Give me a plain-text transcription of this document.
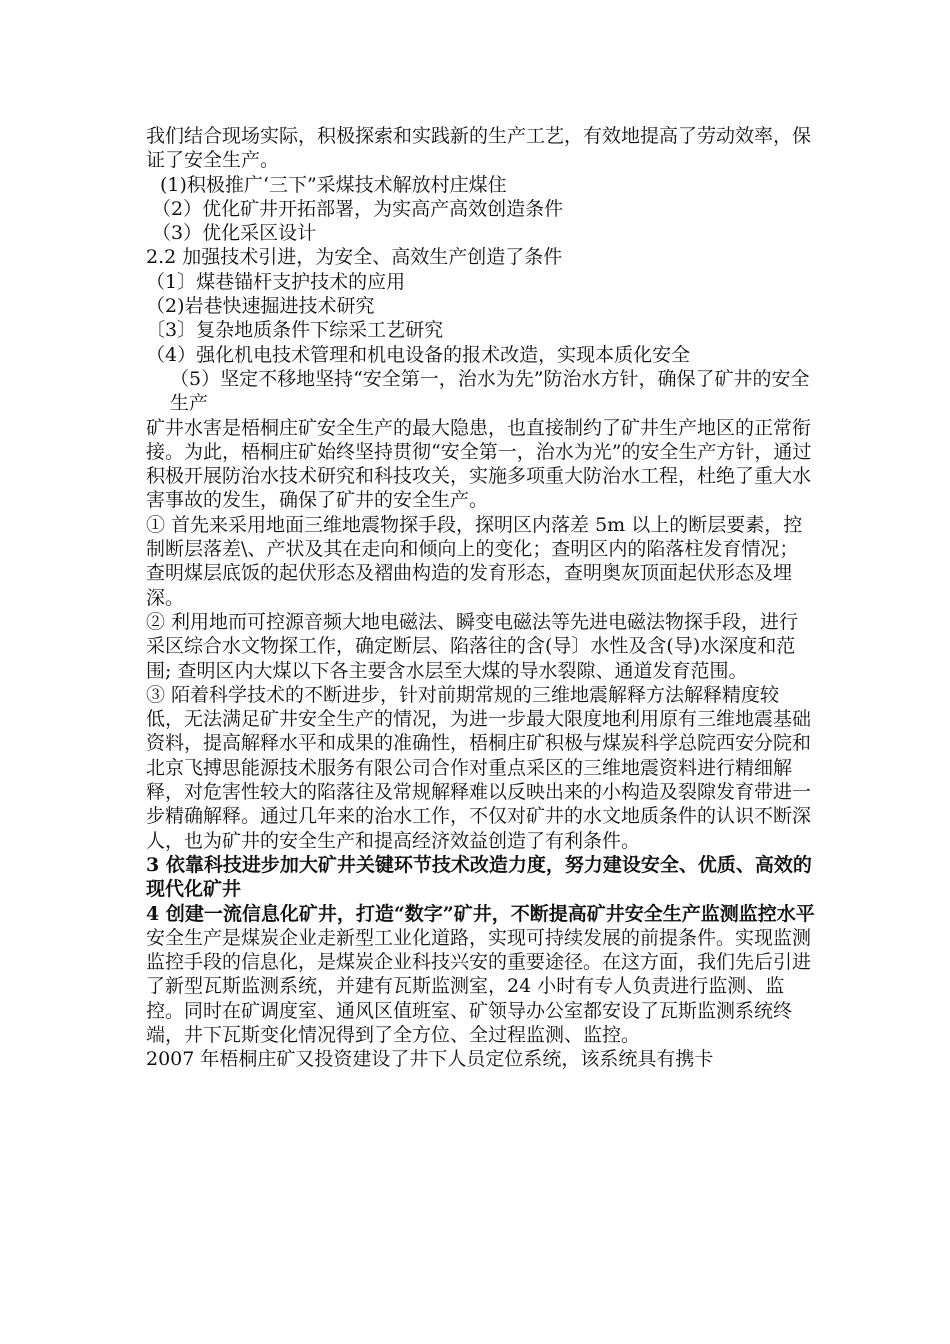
我们结合现场实际，积极探索和实践新的生产工艺，有效地提高了劳动效率，保证了安全生产。

(1)积极推广‘三下”采煤技术解放村庄煤住

（2）优化矿井开拓部署，为实高产高效创造条件

（3）优化采区设计

2.2 加强技术引进，为安全、高效生产创造了条件

（1〕煤巷锚杆支护技术的应用

（2)岩巷快速掘进技术研究

〔3〕复杂地质条件下综采工艺研究

（4）强化机电技术管理和机电设备的报术改造，实现本质化安全

（5）坚定不移地坚持“安全第一，治水为先”防治水方针，确保了矿井的安全生产

矿井水害是梧桐庄矿安全生产的最大隐患，也直接制约了矿井生产地区的正常衔接。为此，梧桐庄矿始终坚持贯彻“安全第一，治水为光”的安全生产方针，通过积极开展防治水技术研究和科技攻关，实施多项重大防治水工程，杜绝了重大水害事故的发生，确保了矿井的安全生产。

① 首先来采用地面三维地震物探手段，探明区内落差 5m 以上的断层要素，控制断层落差\、产状及其在走向和倾向上的变化；查明区内的陷落柱发育情况；查明煤层底饭的起伏形态及褶曲构造的发育形态，查明奥灰顶面起伏形态及埋深。

② 利用地而可控源音频大地电磁法、瞬变电磁法等先进电磁法物探手段，进行采区综合水文物探工作，确定断层、陷落往的含(导〕水性及含(导)水深度和范围; 查明区内大煤以下各主要含水层至大煤的导水裂隙、通道发育范围。

③ 陌着科学技术的不断进步，针对前期常规的三维地震解释方法解释精度较低，无法满足矿井安全生产的情况，为进一步最大限度地利用原有三维地震基础资料，提高解释水平和成果的准确性，梧桐庄矿积极与煤炭科学总院西安分院和北京飞搏思能源技术服务有限公司合作对重点采区的三维地震资料进行精细解释，对危害性较大的陷落往及常规解释难以反映出来的小构造及裂隙发育带进一步精确解释。通过几年来的治水工作，不仅对矿井的水文地质条件的认识不断深人，也为矿井的安全生产和提高经济效益创造了有利条件。

3 依靠科技进步加大矿井关键环节技术改造力度，努力建设安全、优质、高效的现代化矿井

4 创建一流信息化矿井，打造“数字”矿井，不断提高矿井安全生产监测监控水平

安全生产是煤炭企业走新型工业化道路，实现可持续发展的前提条件。实现监测监控手段的信息化，是煤炭企业科技兴安的重要途径。在这方面，我们先后引进了新型瓦斯监测系统，并建有瓦斯监测室，24 小时有专人负责进行监测、监控。同时在矿调度室、通风区值班室、矿领导办公室都安设了瓦斯监测系统终端，井下瓦斯变化情况得到了全方位、全过程监测、监控。

2007 年梧桐庄矿又投资建设了井下人员定位系统，该系统具有携卡
